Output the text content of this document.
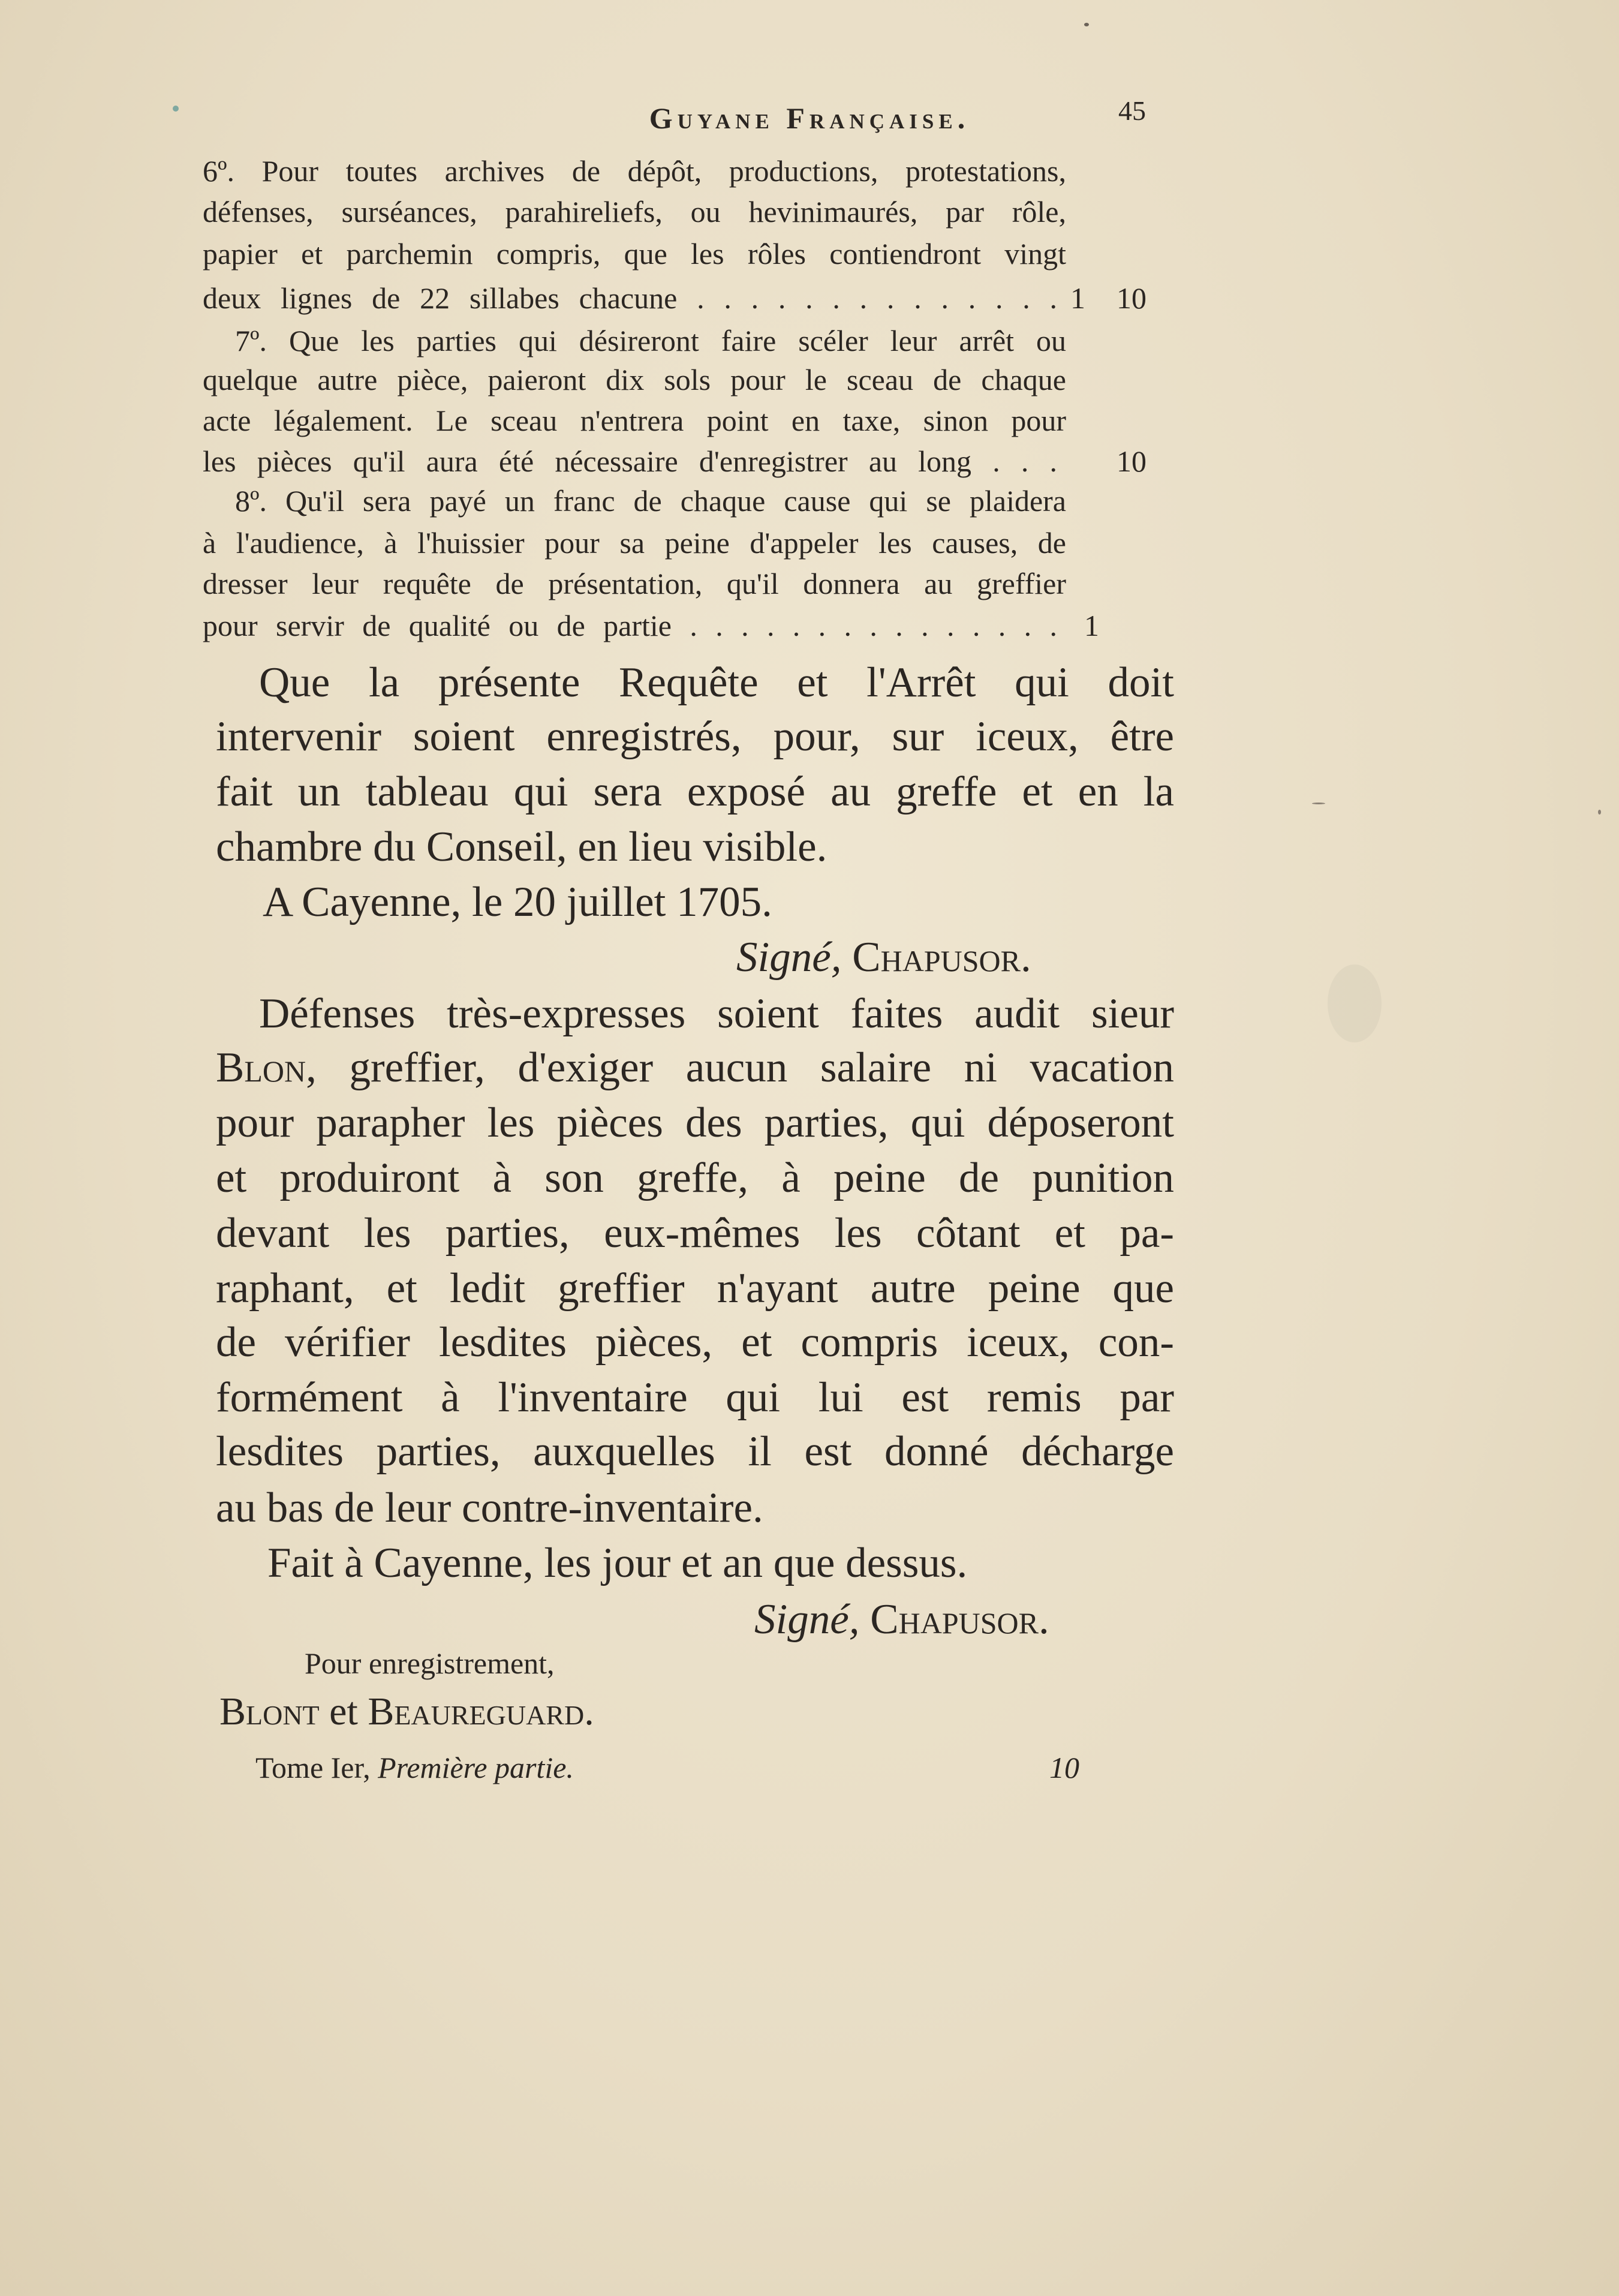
Guyane Française.	45
6º. Pour toutes archives de dépôt, productions, protestations,
défenses, surséances, parahireliefs, ou hevinimaurés, par rôle,
papier et parchemin compris, que les rôles contiendront vingt
deux lignes de 22 sillabes chacune . . . . . . . . . . . . . . 1 10
7º. Que les parties qui désireront faire scéler leur arrêt ou
quelque autre pièce, paieront dix sols pour le sceau de chaque
acte légalement. Le sceau n'entrera point en taxe, sinon pour
les pièces qu'il aura été nécessaire d'enregistrer au long . . . 10
8º. Qu'il sera payé un franc de chaque cause qui se plaidera
à l'audience, à l'huissier pour sa peine d'appeler les causes, de
dresser leur requête de présentation, qu'il donnera au greffier
pour servir de qualité ou de partie . . . . . . . . . . . . . . . 1
Que la présente Requête et l'Arrêt qui doit
intervenir soient enregistrés, pour, sur iceux, être
fait un tableau qui sera exposé au greffe et en la
chambre du Conseil, en lieu visible.
A Cayenne, le 20 juillet 1705.
Signé, Chapusor.
Défenses très-expresses soient faites audit sieur
Blon, greffier, d'exiger aucun salaire ni vacation
pour parapher les pièces des parties, qui déposeront
et produiront à son greffe, à peine de punition
devant les parties, eux-mêmes les côtant et pa-
raphant, et ledit greffier n'ayant autre peine que
de vérifier lesdites pièces, et compris iceux, con-
formément à l'inventaire qui lui est remis par
lesdites parties, auxquelles il est donné décharge
au bas de leur contre-inventaire.
Fait à Cayenne, les jour et an que dessus.
Signé, Chapusor.
Pour enregistrement,
Blont et Beaureguard.
Tome Ier, Première partie.	10
